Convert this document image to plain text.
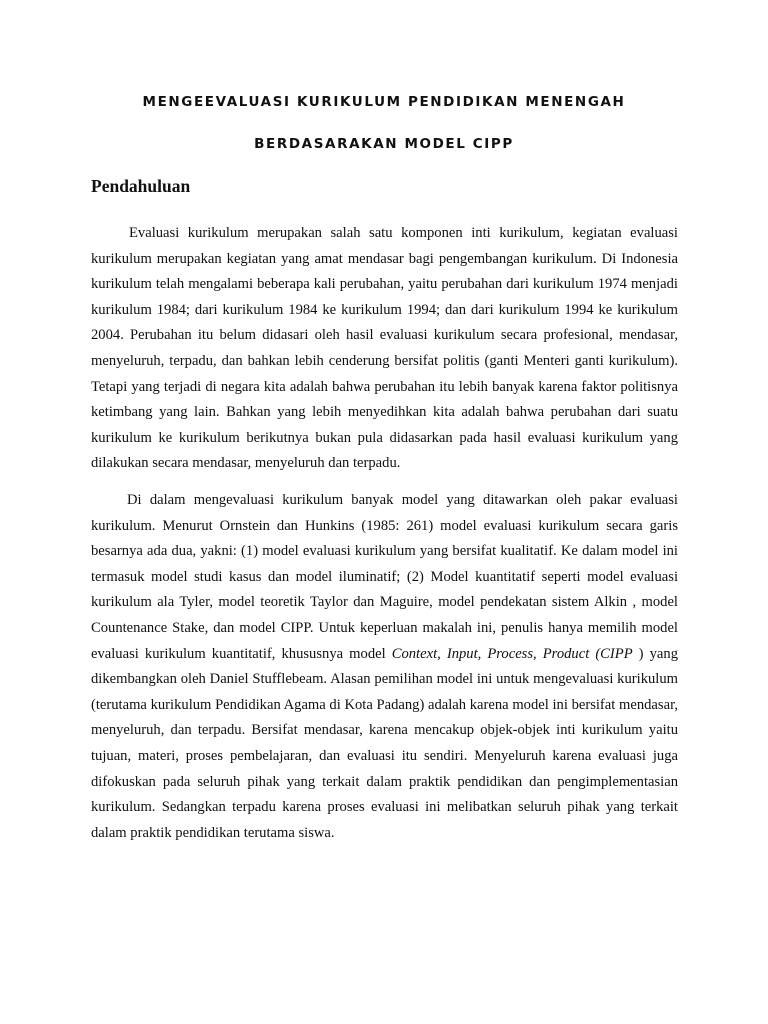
MENGEEVALUASI KURIKULUM PENDIDIKAN MENENGAH
BERDASARAKAN MODEL CIPP
Pendahuluan

Evaluasi kurikulum merupakan salah satu komponen inti kurikulum, kegiatan evaluasi kurikulum merupakan kegiatan yang amat mendasar bagi pengembangan kurikulum. Di Indonesia kurikulum telah mengalami beberapa kali perubahan, yaitu perubahan dari kurikulum 1974 menjadi kurikulum 1984; dari kurikulum 1984 ke kurikulum 1994; dan dari kurikulum 1994 ke kurikulum 2004. Perubahan itu belum didasari oleh hasil evaluasi kurikulum secara profesional, mendasar, menyeluruh, terpadu, dan bahkan lebih cenderung bersifat politis (ganti Menteri ganti kurikulum). Tetapi yang terjadi di negara kita adalah bahwa perubahan itu lebih banyak karena faktor politisnya ketimbang yang lain. Bahkan yang lebih menyedihkan kita adalah bahwa perubahan dari suatu kurikulum ke kurikulum berikutnya bukan pula didasarkan pada hasil evaluasi kurikulum yang dilakukan secara mendasar, menyeluruh dan terpadu.

Di dalam mengevaluasi kurikulum banyak model yang ditawarkan oleh pakar evaluasi kurikulum. Menurut Ornstein dan Hunkins (1985: 261) model evaluasi kurikulum secara garis besarnya ada dua, yakni: (1) model evaluasi kurikulum yang bersifat kualitatif. Ke dalam model ini termasuk model studi kasus dan model iluminatif; (2) Model kuantitatif seperti model evaluasi kurikulum ala Tyler, model teoretik Taylor dan Maguire, model pendekatan sistem Alkin , model Countenance Stake, dan model CIPP. Untuk keperluan makalah ini, penulis hanya memilih model evaluasi kurikulum kuantitatif, khususnya model Context, Input, Process, Product (CIPP ) yang dikembangkan oleh Daniel Stufflebeam. Alasan pemilihan model ini untuk mengevaluasi kurikulum (terutama kurikulum Pendidikan Agama di Kota Padang) adalah karena model ini bersifat mendasar, menyeluruh, dan terpadu. Bersifat mendasar, karena mencakup objek-objek inti kurikulum yaitu tujuan, materi, proses pembelajaran, dan evaluasi itu sendiri. Menyeluruh karena evaluasi juga difokuskan pada seluruh pihak yang terkait dalam praktik pendidikan dan pengimplementasian kurikulum. Sedangkan terpadu karena proses evaluasi ini melibatkan seluruh pihak yang terkait dalam praktik pendidikan terutama siswa.
